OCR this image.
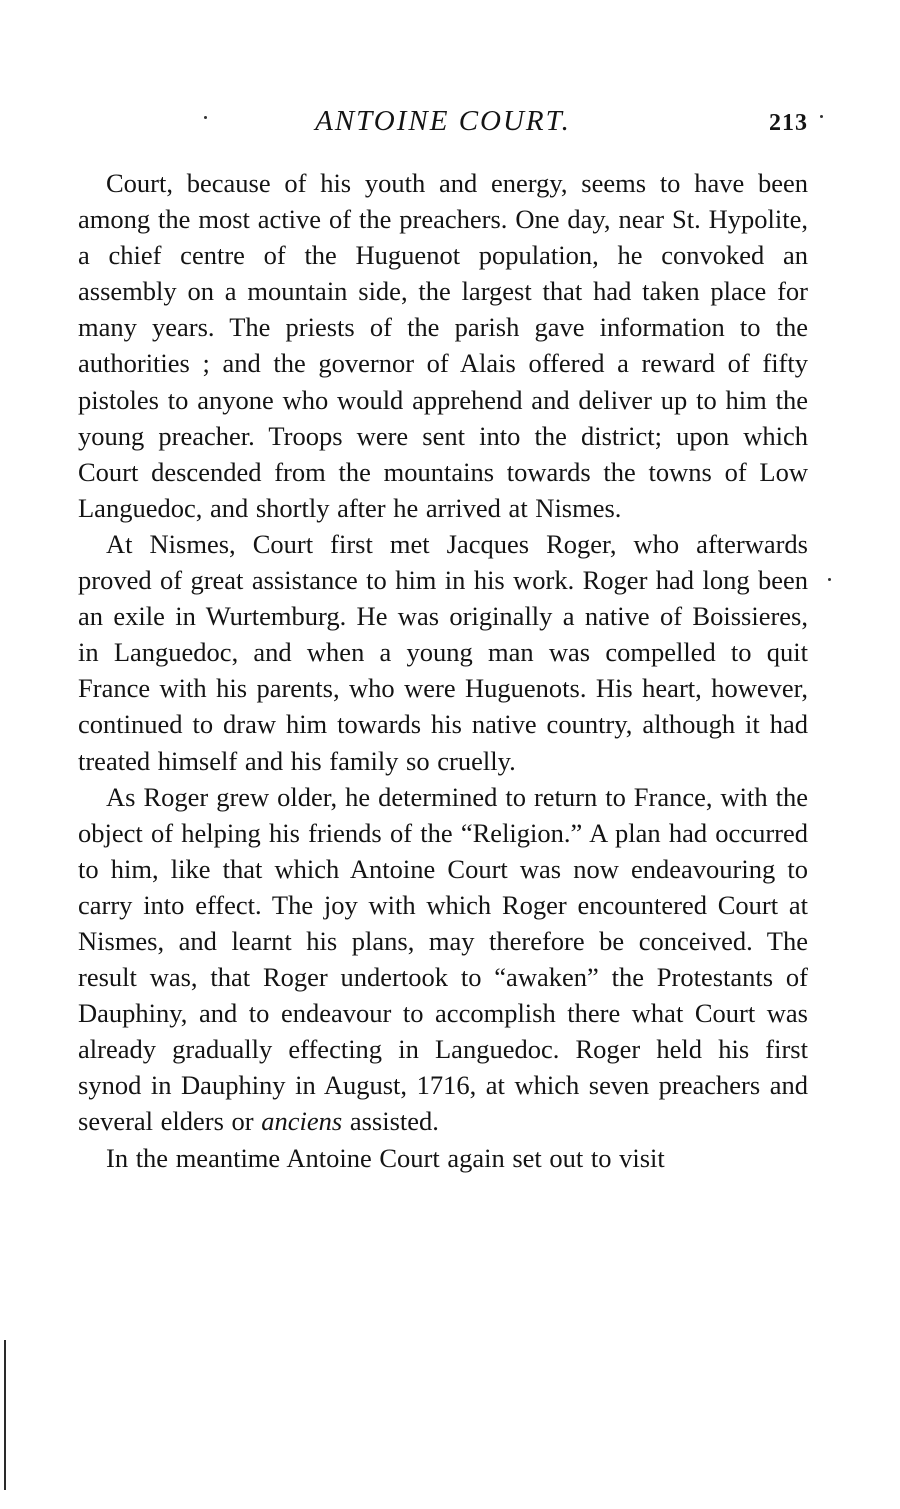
ANTOINE COURT.	213

Court, because of his youth and energy, seems to have been among the most active of the preachers. One day, near St. Hypolite, a chief centre of the Huguenot population, he convoked an assembly on a mountain side, the largest that had taken place for many years. The priests of the parish gave information to the authorities ; and the governor of Alais offered a reward of fifty pistoles to anyone who would apprehend and deliver up to him the young preacher. Troops were sent into the district; upon which Court descended from the mountains towards the towns of Low Languedoc, and shortly after he arrived at Nismes.

At Nismes, Court first met Jacques Roger, who afterwards proved of great assistance to him in his work. Roger had long been an exile in Wurtemburg. He was originally a native of Boissieres, in Languedoc, and when a young man was compelled to quit France with his parents, who were Huguenots. His heart, however, continued to draw him towards his native country, although it had treated himself and his family so cruelly.

As Roger grew older, he determined to return to France, with the object of helping his friends of the “Religion.” A plan had occurred to him, like that which Antoine Court was now endeavouring to carry into effect. The joy with which Roger encountered Court at Nismes, and learnt his plans, may therefore be conceived. The result was, that Roger undertook to “awaken” the Protestants of Dauphiny, and to endeavour to accomplish there what Court was already gradually effecting in Languedoc. Roger held his first synod in Dauphiny in August, 1716, at which seven preachers and several elders or anciens assisted.

In the meantime Antoine Court again set out to visit
